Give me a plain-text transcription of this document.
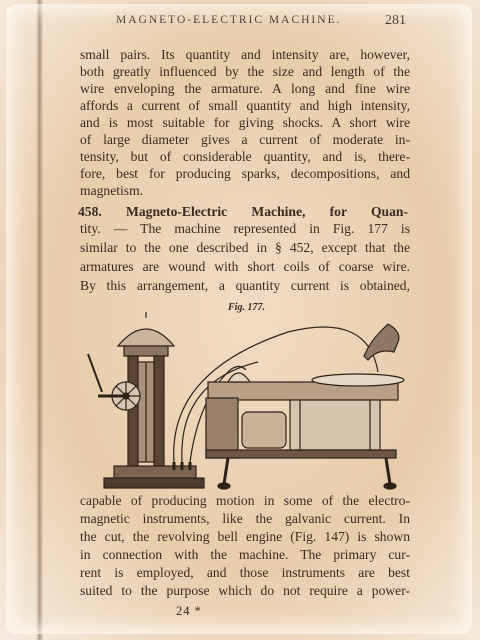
MAGNETO-ELECTRIC MACHINE.	281
small pairs. Its quantity and intensity are, however,
both greatly influenced by the size and length of the
wire enveloping the armature. A long and fine wire
affords a current of small quantity and high intensity,
and is most suitable for giving shocks. A short wire
of large diameter gives a current of moderate in-
tensity, but of considerable quantity, and is, there-
fore, best for producing sparks, decompositions, and
magnetism.
458. Magneto-Electric Machine, for Quan-
tity. — The machine represented in Fig. 177 is
similar to the one described in § 452, except that the
armatures are wound with short coils of coarse wire.
By this arrangement, a quantity current is obtained,
Fig. 177.
capable of producing motion in some of the electro-
magnetic instruments, like the galvanic current. In
the cut, the revolving bell engine (Fig. 147) is shown
in connection with the machine. The primary cur-
rent is employed, and those instruments are best
suited to the purpose which do not require a power-
24 *
